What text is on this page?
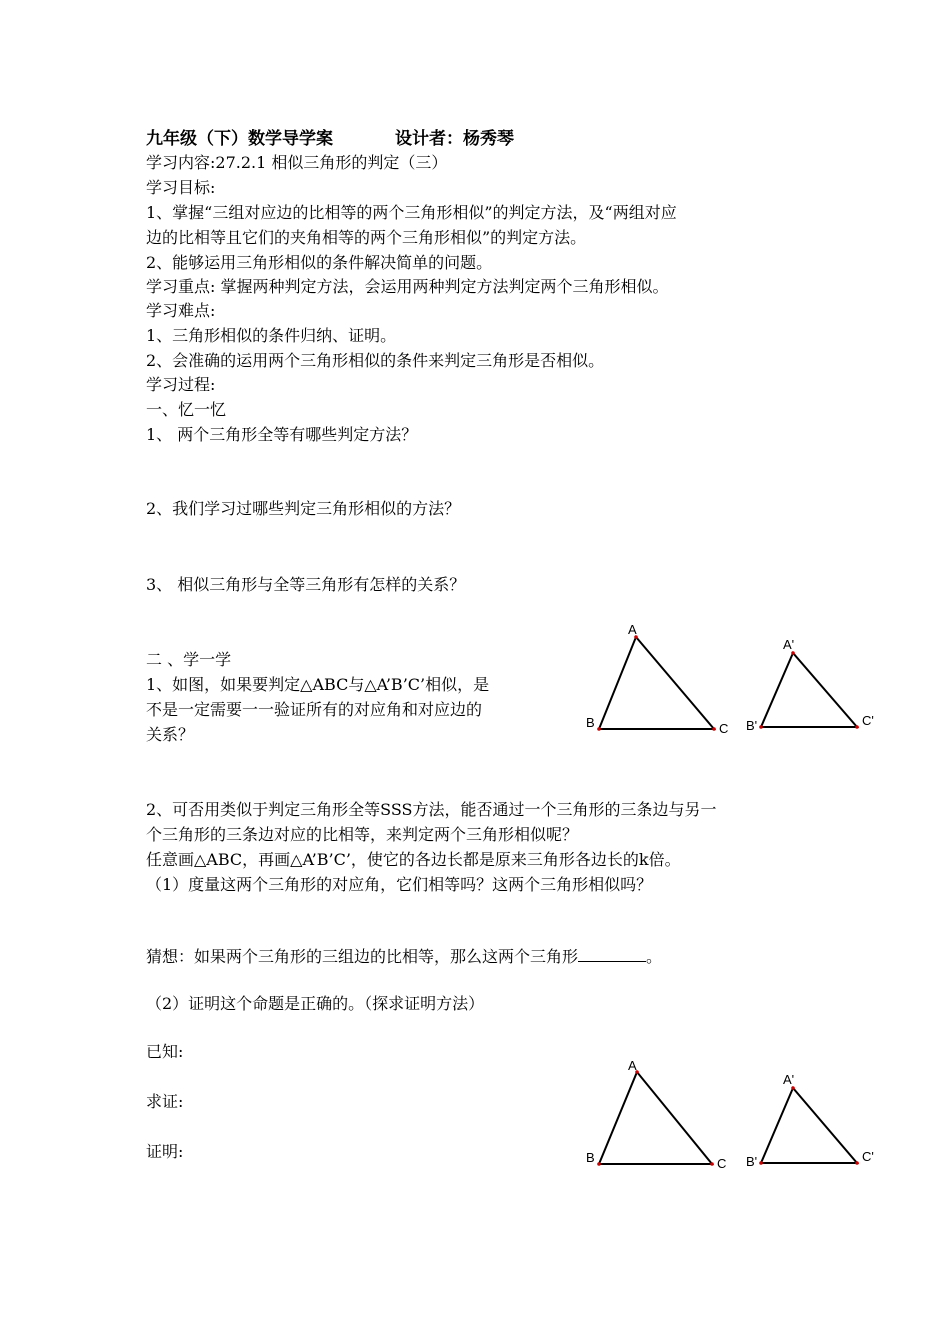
九年级（下）数学导学案	设计者：杨秀琴
学习内容:27.2.1 相似三角形的判定（三）
学习目标:
1、掌握“三组对应边的比相等的两个三角形相似”的判定方法，及“两组对应
边的比相等且它们的夹角相等的两个三角形相似”的判定方法。
2、能够运用三角形相似的条件解决简单的问题。
学习重点: 掌握两种判定方法，会运用两种判定方法判定两个三角形相似。
学习难点:
1、三角形相似的条件归纳、证明。
2、会准确的运用两个三角形相似的条件来判定三角形是否相似。
学习过程:
一、忆一忆
1、 两个三角形全等有哪些判定方法？
2、我们学习过哪些判定三角形相似的方法？
3、 相似三角形与全等三角形有怎样的关系？
二 、学一学
1、如图，如果要判定△ABC与△A’B’C’相似，是
不是一定需要一一验证所有的对应角和对应边的
关系？
2、可否用类似于判定三角形全等SSS方法，能否通过一个三角形的三条边与另一
个三角形的三条边对应的比相等，来判定两个三角形相似呢？
任意画△ABC，再画△A’B’C’，使它的各边长都是原来三角形各边长的k倍。
（1）度量这两个三角形的对应角，它们相等吗？这两个三角形相似吗？
猜想：如果两个三角形的三组边的比相等，那么这两个三角形	。
（2）证明这个命题是正确的。（探求证明方法）
已知:
求证:
证明:
A
B	C
A'
B'	C'
A
B	C
A'
B'	C'
